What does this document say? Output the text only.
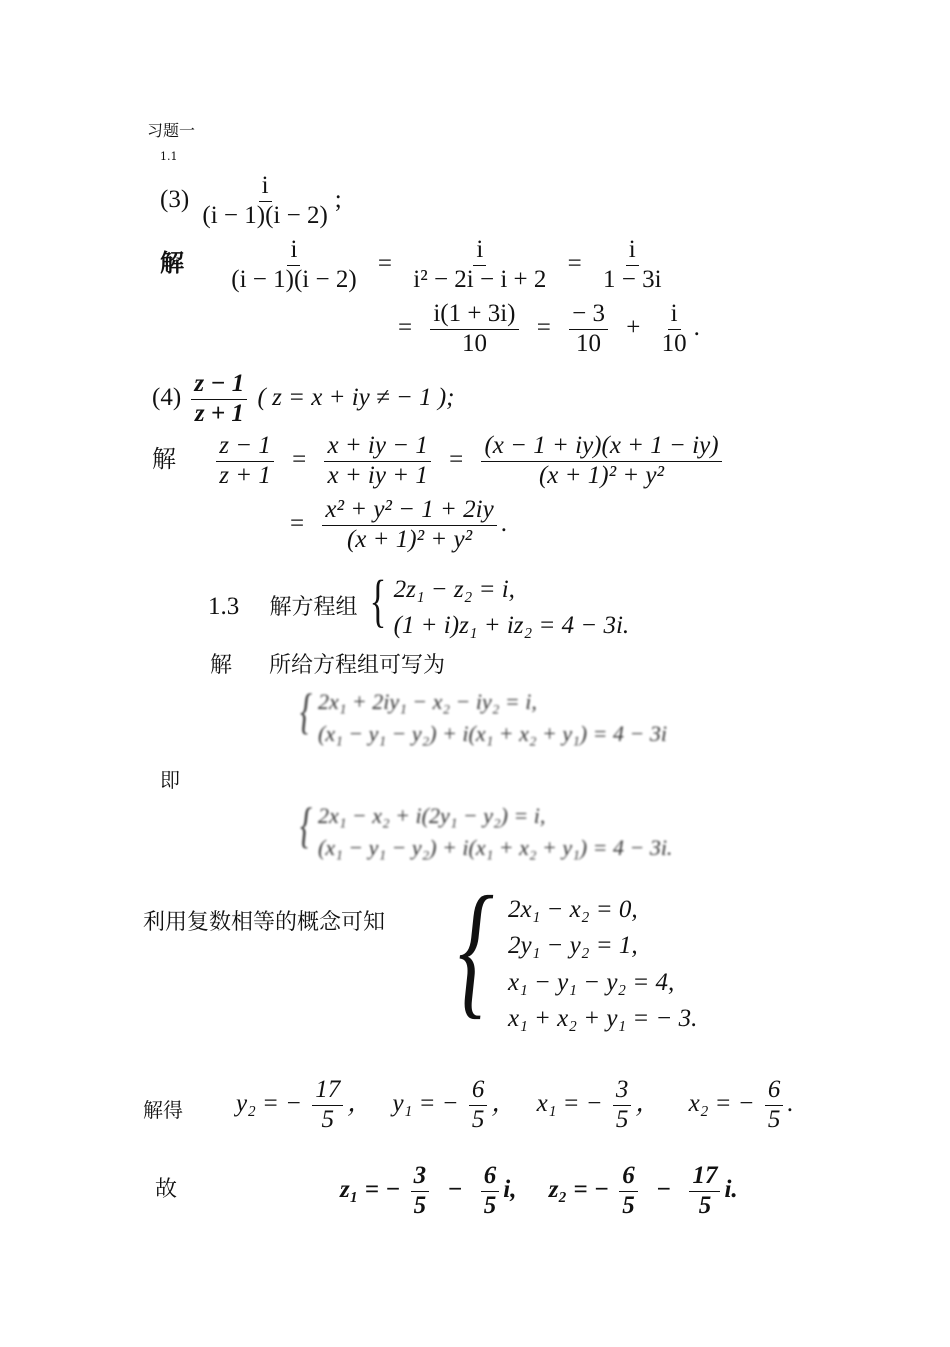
习题一
1.1
$(3) \frac{i}{(i - 1)(i - 2)}$ ;
解 $\frac{i}{(i - 1)(i - 2)} = \frac{i}{\text{i² − 2i − i + 2}} = \frac{i}{1 - 3i}$
= $\frac{i(1 + 3i)}{10} = \frac{- 3}{10} + \frac{i}{10}$ .
$(4) \frac{z - 1}{z + 1}$ ( z = x + iy ≠ − 1 );
解 $\frac{z - 1}{z + 1} = \frac{x + iy - 1}{x + iy + 1} = \frac{(x - 1 + iy)(x + 1 - iy)}{\text{(x + 1)² + y²}}$
= $\frac{\text{x² + y² − 1 + 2iy}}{\text{(x + 1)² + y²}}$ .
1.3 解方程组 { 2z₁ − z₂ = i,
(1 + i)z₁ + iz₂ = 4 − 3i.
解 所给方程组可写为
{ 2x₁ + 2iy₁ − x₂ − iy₂ = i,
(x₁ − y₁ − y₂) + i(x₁ + x₂ + y₁) = 4 − 3i
即
{ 2x₁ − x₂ + i(2y₁ − y₂) = i,
(x₁ − y₁ − y₂) + i(x₁ + x₂ + y₁) = 4 − 3i.
利用复数相等的概念可知 { 2x₁ − x₂ = 0,
2y₁ − y₂ = 1,
x₁ − y₁ − y₂ = 4,
x₁ + x₂ + y₁ = − 3.
解得 y₂ = − $\frac{17}{5}$ ， y₁ = − $\frac{6}{5}$ ， x₁ = − $\frac{3}{5}$ ， x₂ = − $\frac{6}{5}$ .
故	z₁ = − $\frac{3}{5} - \frac{6}{5} i$, z₂ = − $\frac{6}{5} - \frac{17}{5} i$.
